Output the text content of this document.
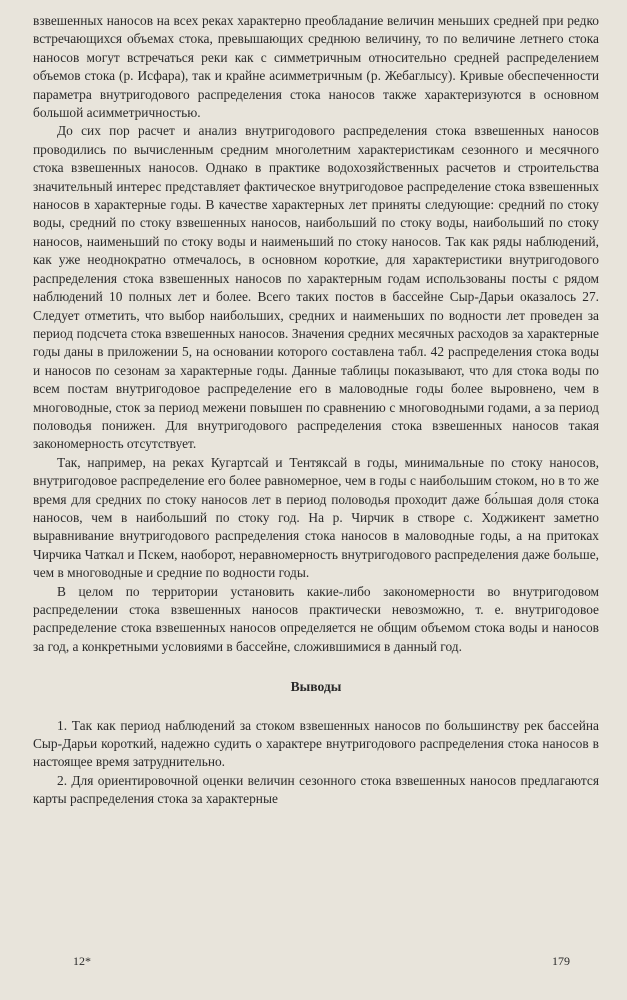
взвешенных наносов на всех реках характерно преобладание величин меньших средней при редко встречающихся объемах стока, превышающих среднюю величину, то по величине летнего стока наносов могут встречаться реки как с симметричным относительно средней распределением объемов стока (р. Исфара), так и крайне асимметричным (р. Жебаглысу). Кривые обеспеченности параметра внутригодового распределения стока наносов также характеризуются в основном большой асимметричностью.

До сих пор расчет и анализ внутригодового распределения стока взвешенных наносов проводились по вычисленным средним многолетним характеристикам сезонного и месячного стока взвешенных наносов. Однако в практике водохозяйственных расчетов и строительства значительный интерес представляет фактическое внутригодовое распределение стока взвешенных наносов в характерные годы. В качестве характерных лет приняты следующие: средний по стоку воды, средний по стоку взвешенных наносов, наибольший по стоку воды, наибольший по стоку наносов, наименьший по стоку воды и наименьший по стоку наносов. Так как ряды наблюдений, как уже неоднократно отмечалось, в основном короткие, для характеристики внутригодового распределения стока взвешенных наносов по характерным годам использованы посты с рядом наблюдений 10 полных лет и более. Всего таких постов в бассейне Сыр-Дарьи оказалось 27. Следует отметить, что выбор наибольших, средних и наименьших по водности лет проведен за период подсчета стока взвешенных наносов. Значения средних месячных расходов за характерные годы даны в приложении 5, на основании которого составлена табл. 42 распределения стока воды и наносов по сезонам за характерные годы. Данные таблицы показывают, что для стока воды по всем постам внутригодовое распределение его в маловодные годы более выровнено, чем в многоводные, сток за период межени повышен по сравнению с многоводными годами, а за период половодья понижен. Для внутригодового распределения стока взвешенных наносов такая закономерность отсутствует.

Так, например, на реках Кугартсай и Тентяксай в годы, минимальные по стоку наносов, внутригодовое распределение его более равномерное, чем в годы с наибольшим стоком, но в то же время для средних по стоку наносов лет в период половодья проходит даже бо́льшая доля стока наносов, чем в наибольший по стоку год. На р. Чирчик в створе с. Ходжикент заметно выравнивание внутригодового распределения стока наносов в маловодные годы, а на притоках Чирчика Чаткал и Пскем, наоборот, неравномерность внутригодового распределения даже больше, чем в многоводные и средние по водности годы.

В целом по территории установить какие-либо закономерности во внутригодовом распределении стока взвешенных наносов практически невозможно, т. е. внутригодовое распределение стока взвешенных наносов определяется не общим объемом стока воды и наносов за год, а конкретными условиями в бассейне, сложившимися в данный год.

Выводы

1. Так как период наблюдений за стоком взвешенных наносов по большинству рек бассейна Сыр-Дарьи короткий, надежно судить о характере внутригодового распределения стока наносов в настоящее время затруднительно.

2. Для ориентировочной оценки величин сезонного стока взвешенных наносов предлагаются карты распределения стока за характерные

12*	179
